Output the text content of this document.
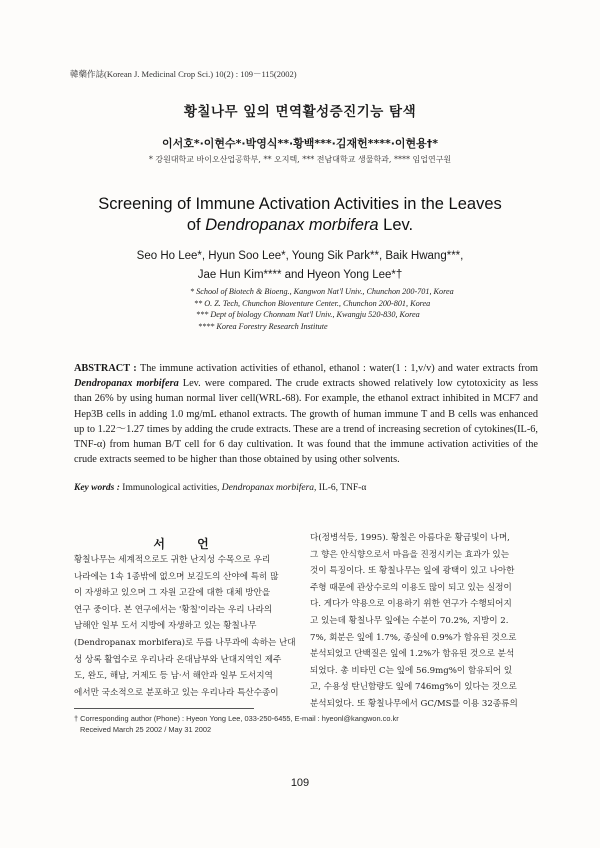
韓藥作誌(Korean J. Medicinal Crop Sci.) 10(2) : 109－115(2002)
황칠나무 잎의 면역활성증진기능 탐색
이서호*·이현수*·박영식**·황백***·김재헌****·이현용†*
* 강원대학교 바이오산업공학부, ** 오지텍, *** 전남대학교 생물학과, **** 임업연구원
Screening of Immune Activation Activities in the Leaves
of Dendropanax morbifera Lev.
Seo Ho Lee*, Hyun Soo Lee*, Young Sik Park**, Baik Hwang***,
Jae Hun Kim**** and Hyeon Yong Lee*†
* School of Biotech & Bioeng., Kangwon Nat'l Univ., Chunchon 200-701, Korea
** O. Z. Tech, Chunchon Bioventure Center., Chunchon 200-801, Korea
*** Dept of biology Chonnam Nat'l Univ., Kwangju 520-830, Korea
**** Korea Forestry Research Institute
ABSTRACT : The immune activation activities of ethanol, ethanol : water(1 : 1,v/v) and water extracts from Dendropanax morbifera Lev. were compared. The crude extracts showed relatively low cytotoxicity as less than 26% by using human normal liver cell(WRL-68). For example, the ethanol extract inhibited in MCF7 and Hep3B cells in adding 1.0 mg/mL ethanol extracts. The growth of human immune T and B cells was enhanced up to 1.22～1.27 times by adding the crude extracts. These are a trend of increasing secretion of cytokines(IL-6, TNF-α) from human B/T cell for 6 day cultivation. It was found that the immune activation activities of the crude extracts seemed to be higher than those obtained by using other solvents.
Key words : Immunological activities, Dendropanax morbifera, IL-6, TNF-α
서 언
황칠나무는 세계적으로도 귀한 난지성 수목으로 우리
나라에는 1속 1종밖에 없으며 보길도의 산야에 특히 많
이 자생하고 있으며 그 자원 고갈에 대한 대체 방안을
연구 중이다. 본 연구에서는 '황칠'이라는 우리 나라의
남해안 일부 도서 지방에 자생하고 있는 황칠나무
(Dendropanax morbifera)로 두릅 나무과에 속하는 난대
성 상록 활엽수로 우리나라 온대남부와 난대지역인 제주
도, 완도, 해남, 거제도 등 남·서 해안과 일부 도서지역
에서만 국소적으로 분포하고 있는 우리나라 특산수종이
다(정병석등, 1995). 황칠은 아름다운 황금빛이 나며,
그 향은 안식향으로서 마음을 진정시키는 효과가 있는
것이 특징이다. 또 황칠나무는 잎에 광택이 있고 나아한
주형 때문에 관상수로의 이용도 많이 되고 있는 실정이
다. 게다가 약용으로 이용하기 위한 연구가 수행되어지
고 있는데 황칠나무 잎에는 수분이 70.2%, 지방이 2.
7%, 회분은 잎에 1.7%, 종실에 0.9%가 함유된 것으로
분석되었고 단백질은 잎에 1.2%가 함유된 것으로 분석
되었다. 총 비타민 C는 잎에 56.9mg%이 함유되어 있
고, 수용성 탄닌함량도 잎에 746mg%이 있다는 것으로
분석되었다. 또 황칠나무에서 GC/MS를 이용 32종류의
† Corresponding author (Phone) : Hyeon Yong Lee, 033-250-6455, E-mail : hyeonl@kangwon.co.kr
Received March 25 2002 / May 31 2002
109
